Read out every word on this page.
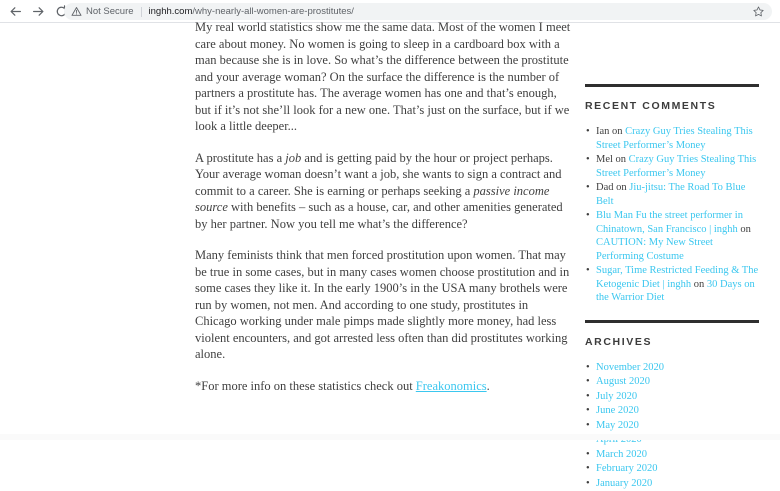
Not Secure inghh.com /why-nearly-all-women-are-prostitutes/

My real world statistics show me the same data. Most of the women I meet care about money. No women is going to sleep in a cardboard box with a man because she is in love. So what’s the difference between the prostitute and your average woman? On the surface the difference is the number of partners a prostitute has. The average women has one and that’s enough, but if it’s not she’ll look for a new one. That’s just on the surface, but if we look a little deeper...

A prostitute has a job and is getting paid by the hour or project perhaps. Your average woman doesn’t want a job, she wants to sign a contract and commit to a career. She is earning or perhaps seeking a passive income source with benefits – such as a house, car, and other amenities generated by her partner. Now you tell me what’s the difference?

Many feminists think that men forced prostitution upon women. That may be true in some cases, but in many cases women choose prostitution and in some cases they like it. In the early 1900’s in the USA many brothels were run by women, not men. And according to one study, prostitutes in Chicago working under male pimps made slightly more money, had less violent encounters, and got arrested less often than did prostitutes working alone.

*For more info on these statistics check out Freakonomics.

RECENT COMMENTS
• Ian on Crazy Guy Tries Stealing This Street Performer’s Money
• Mel on Crazy Guy Tries Stealing This Street Performer’s Money
• Dad on Jiu-jitsu: The Road To Blue Belt
• Blu Man Fu the street performer in Chinatown, San Francisco | inghh on CAUTION: My New Street Performing Costume
• Sugar, Time Restricted Feeding & The Ketogenic Diet | inghh on 30 Days on the Warrior Diet
ARCHIVES
• November 2020
• August 2020
• July 2020
• June 2020
• May 2020
•
• March 2020
• February 2020
• January 2020
